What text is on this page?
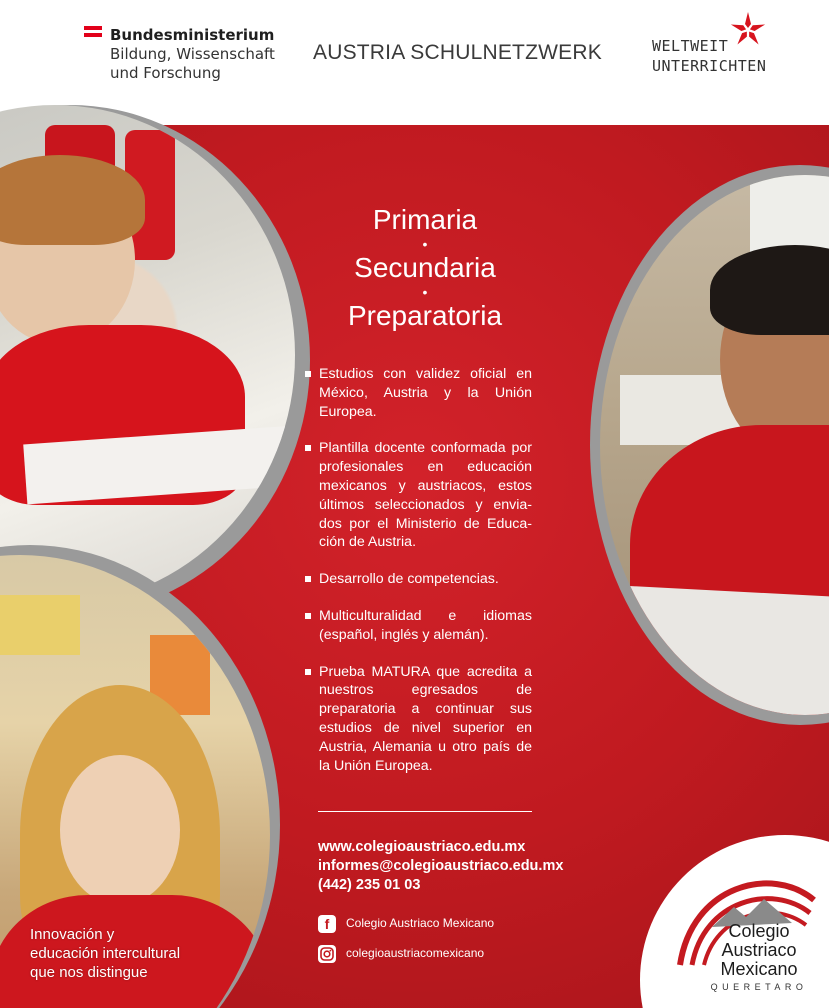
Bundesministerium
Bildung, Wissenschaft
und Forschung
AUSTRIA SCHULNETZWERK	WELTWEIT
UNTERRICHTEN
Primaria
•
Secundaria
•
Preparatoria
Estudios con validez oficial en México, Austria y la Unión Europea.
Plantilla docente conformada por profesionales en educación mexicanos y austriacos, estos últimos seleccionados y envia-dos por el Ministerio de Educa-ción de Austria.
Desarrollo de competencias.
Multiculturalidad e idiomas (español, inglés y alemán).
Prueba MATURA que acredita a nuestros egresados de preparatoria a continuar sus estudios de nivel superior en Austria, Alemania u otro país de la Unión Europea.
www.colegioaustriaco.edu.mx
informes@colegioaustriaco.edu.mx
(442) 235 01 03
f Colegio Austriaco Mexicano
colegioaustriacomexicano
Innovación y
educación intercultural
que nos distingue
Colegio
Austriaco
Mexicano
QUERETARO
